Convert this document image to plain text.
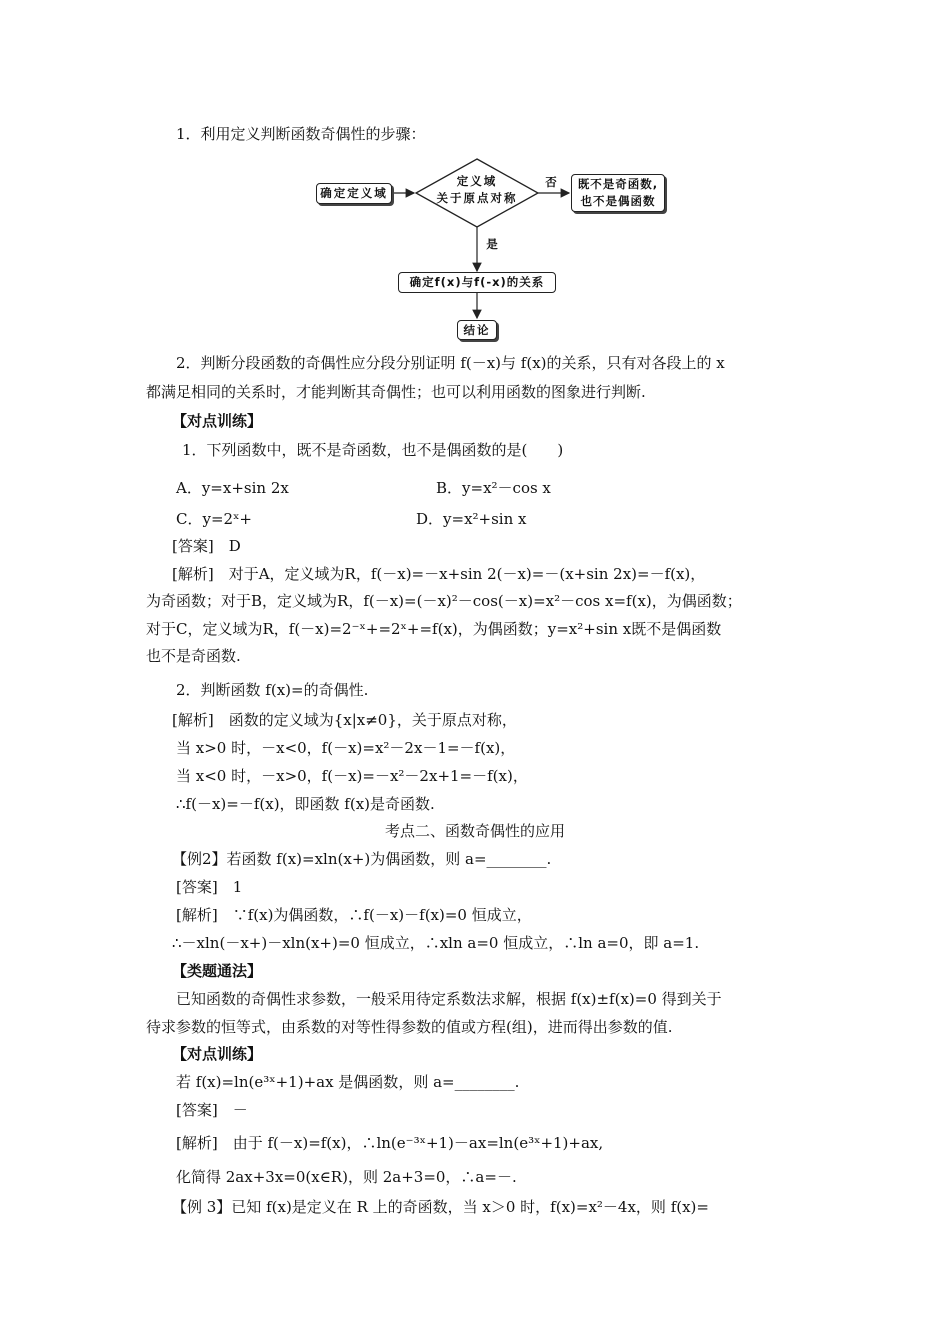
1．利用定义判断函数奇偶性的步骤：
确定定义域
定义域
关于原点对称
否	既不是奇函数,
也不是偶函数
是
确定f(x)与f(-x)的关系
结论
2．判断分段函数的奇偶性应分段分别证明 f(－x)与 f(x)的关系，只有对各段上的 x
都满足相同的关系时，才能判断其奇偶性；也可以利用函数的图象进行判断.
【对点训练】
1．下列函数中，既不是奇函数，也不是偶函数的是(　　)
A．y=x+sin 2x	B．y=x²－cos x
C．y=2ˣ+	D．y=x²+sin x
[答案]　D
[解析]　对于A，定义域为R，f(－x)=－x+sin 2(－x)=－(x+sin 2x)=－f(x)，
为奇函数；对于B，定义域为R，f(－x)=(－x)²－cos(－x)=x²－cos x=f(x)，为偶函数；
对于C，定义域为R，f(－x)=2⁻ˣ+=2ˣ+=f(x)，为偶函数；y=x²+sin x既不是偶函数
也不是奇函数.
2．判断函数 f(x)=的奇偶性.
[解析]　函数的定义域为{x|x≠0}，关于原点对称，
当 x>0 时，－x<0，f(－x)=x²－2x－1=－f(x)，
当 x<0 时，－x>0，f(－x)=－x²－2x+1=－f(x)，
∴f(－x)=－f(x)，即函数 f(x)是奇函数.
考点二、函数奇偶性的应用
【例2】若函数 f(x)=xln(x+)为偶函数，则 a=________.
[答案]　1
[解析]　∵f(x)为偶函数，∴f(－x)－f(x)=0 恒成立，
∴－xln(－x+)－xln(x+)=0 恒成立，∴xln a=0 恒成立，∴ln a=0，即 a=1.
【类题通法】
已知函数的奇偶性求参数，一般采用待定系数法求解，根据 f(x)±f(x)=0 得到关于
待求参数的恒等式，由系数的对等性得参数的值或方程(组)，进而得出参数的值.
【对点训练】
若 f(x)=ln(e³ˣ+1)+ax 是偶函数，则 a=________.
[答案]　－
[解析]　由于 f(－x)=f(x)，∴ln(e⁻³ˣ+1)－ax=ln(e³ˣ+1)+ax,
化简得 2ax+3x=0(x∈R)，则 2a+3=0，∴a=－.
【例 3】已知 f(x)是定义在 R 上的奇函数，当 x＞0 时，f(x)=x²－4x，则 f(x)=
